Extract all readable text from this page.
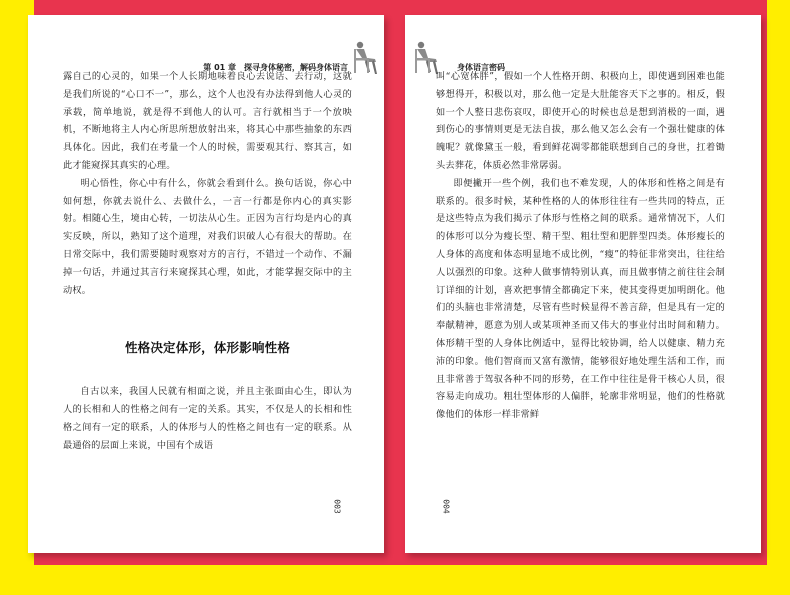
第 01 章　探寻身体秘密，解码身体语言

露自己的心灵的，如果一个人长期地味着良心去说话、去行动，这就是我们所说的“心口不一”，那么，这个人也没有办法得到他人心灵的承载，简单地说，就是得不到他人的认可。言行就相当于一个放映机，不断地将主人内心所思所想放射出来，将其心中那些抽象的东西具体化。因此，我们在考量一个人的时候，需要观其行、察其言，如此才能窥探其真实的心理。

明心悟性，你心中有什么，你就会看到什么。换句话说，你心中如何想，你就去说什么、去做什么，一言一行都是你内心的真实影射。相随心生，境由心转，一切法从心生。正因为言行均是内心的真实反映，所以，熟知了这个道理，对我们识破人心有很大的帮助。在日常交际中，我们需要随时观察对方的言行，不错过一个动作、不漏掉一句话，并通过其言行来窥探其心理，如此，才能掌握交际中的主动权。

性格决定体形，体形影响性格

自古以来，我国人民就有相面之说，并且主张面由心生，即认为人的长相和人的性格之间有一定的关系。其实，不仅是人的长相和性格之间有一定的联系，人的体形与人的性格之间也有一定的联系。从最通俗的层面上来说，中国有个成语

003
身体语言密码

叫“心宽体胖”，假如一个人性格开朗、积极向上，即使遇到困难也能够想得开，积极以对，那么他一定是大肚能容天下之事的。相反，假如一个人整日悲伤哀叹，即使开心的时候也总是想到消极的一面，遇到伤心的事情则更是无法自拔，那么他又怎么会有一个强壮健康的体魄呢？就像黛玉一般，看到鲜花凋零都能联想到自己的身世，扛着锄头去葬花，体质必然非常孱弱。

即便撇开一些个例，我们也不难发现，人的体形和性格之间是有联系的。很多时候，某种性格的人的体形往往有一些共同的特点，正是这些特点为我们揭示了体形与性格之间的联系。通常情况下，人们的体形可以分为瘦长型、精干型、粗壮型和肥胖型四类。体形瘦长的人身体的高度和体态明显地不成比例，“瘦”的特征非常突出，往往给人以强烈的印象。这种人做事情特别认真，而且做事情之前往往会制订详细的计划，喜欢把事情全都确定下来，使其变得更加明朗化。他们的头脑也非常清楚，尽管有些时候显得不善言辞，但是具有一定的奉献精神，愿意为别人或某项神圣而又伟大的事业付出时间和精力。体形精干型的人身体比例适中，显得比较协调，给人以健康、精力充沛的印象。他们智商而又富有激情，能够很好地处理生活和工作，而且非常善于驾驭各种不同的形势，在工作中往往是骨干核心人员，很容易走向成功。粗壮型体形的人偏胖，轮廓非常明显，他们的性格就像他们的体形一样非常鲜

004
